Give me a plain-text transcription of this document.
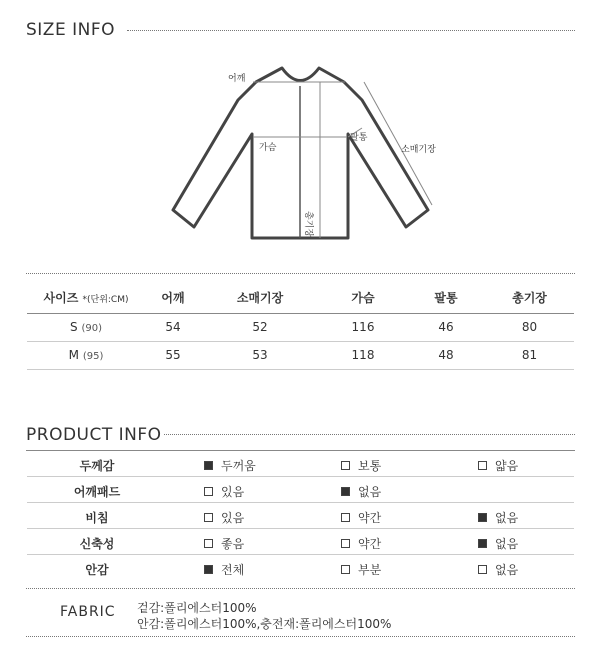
SIZE INFO
어깨
가슴
팔통
소매기장
총기장
사이즈 *(단위:CM)	어깨	소매기장	가슴	팔통	총기장
S (90)	54	52	116	46	80
M (95)	55	53	118	48	81
PRODUCT INFO
두께감	두꺼움	보통	얇음
어깨패드	있음	없음
비침	있음	약간	없음
신축성	좋음	약간	없음
안감	전체	부분	없음
FABRIC 겉감:폴리에스터100%
안감:폴리에스터100%,충전재:폴리에스터100%
